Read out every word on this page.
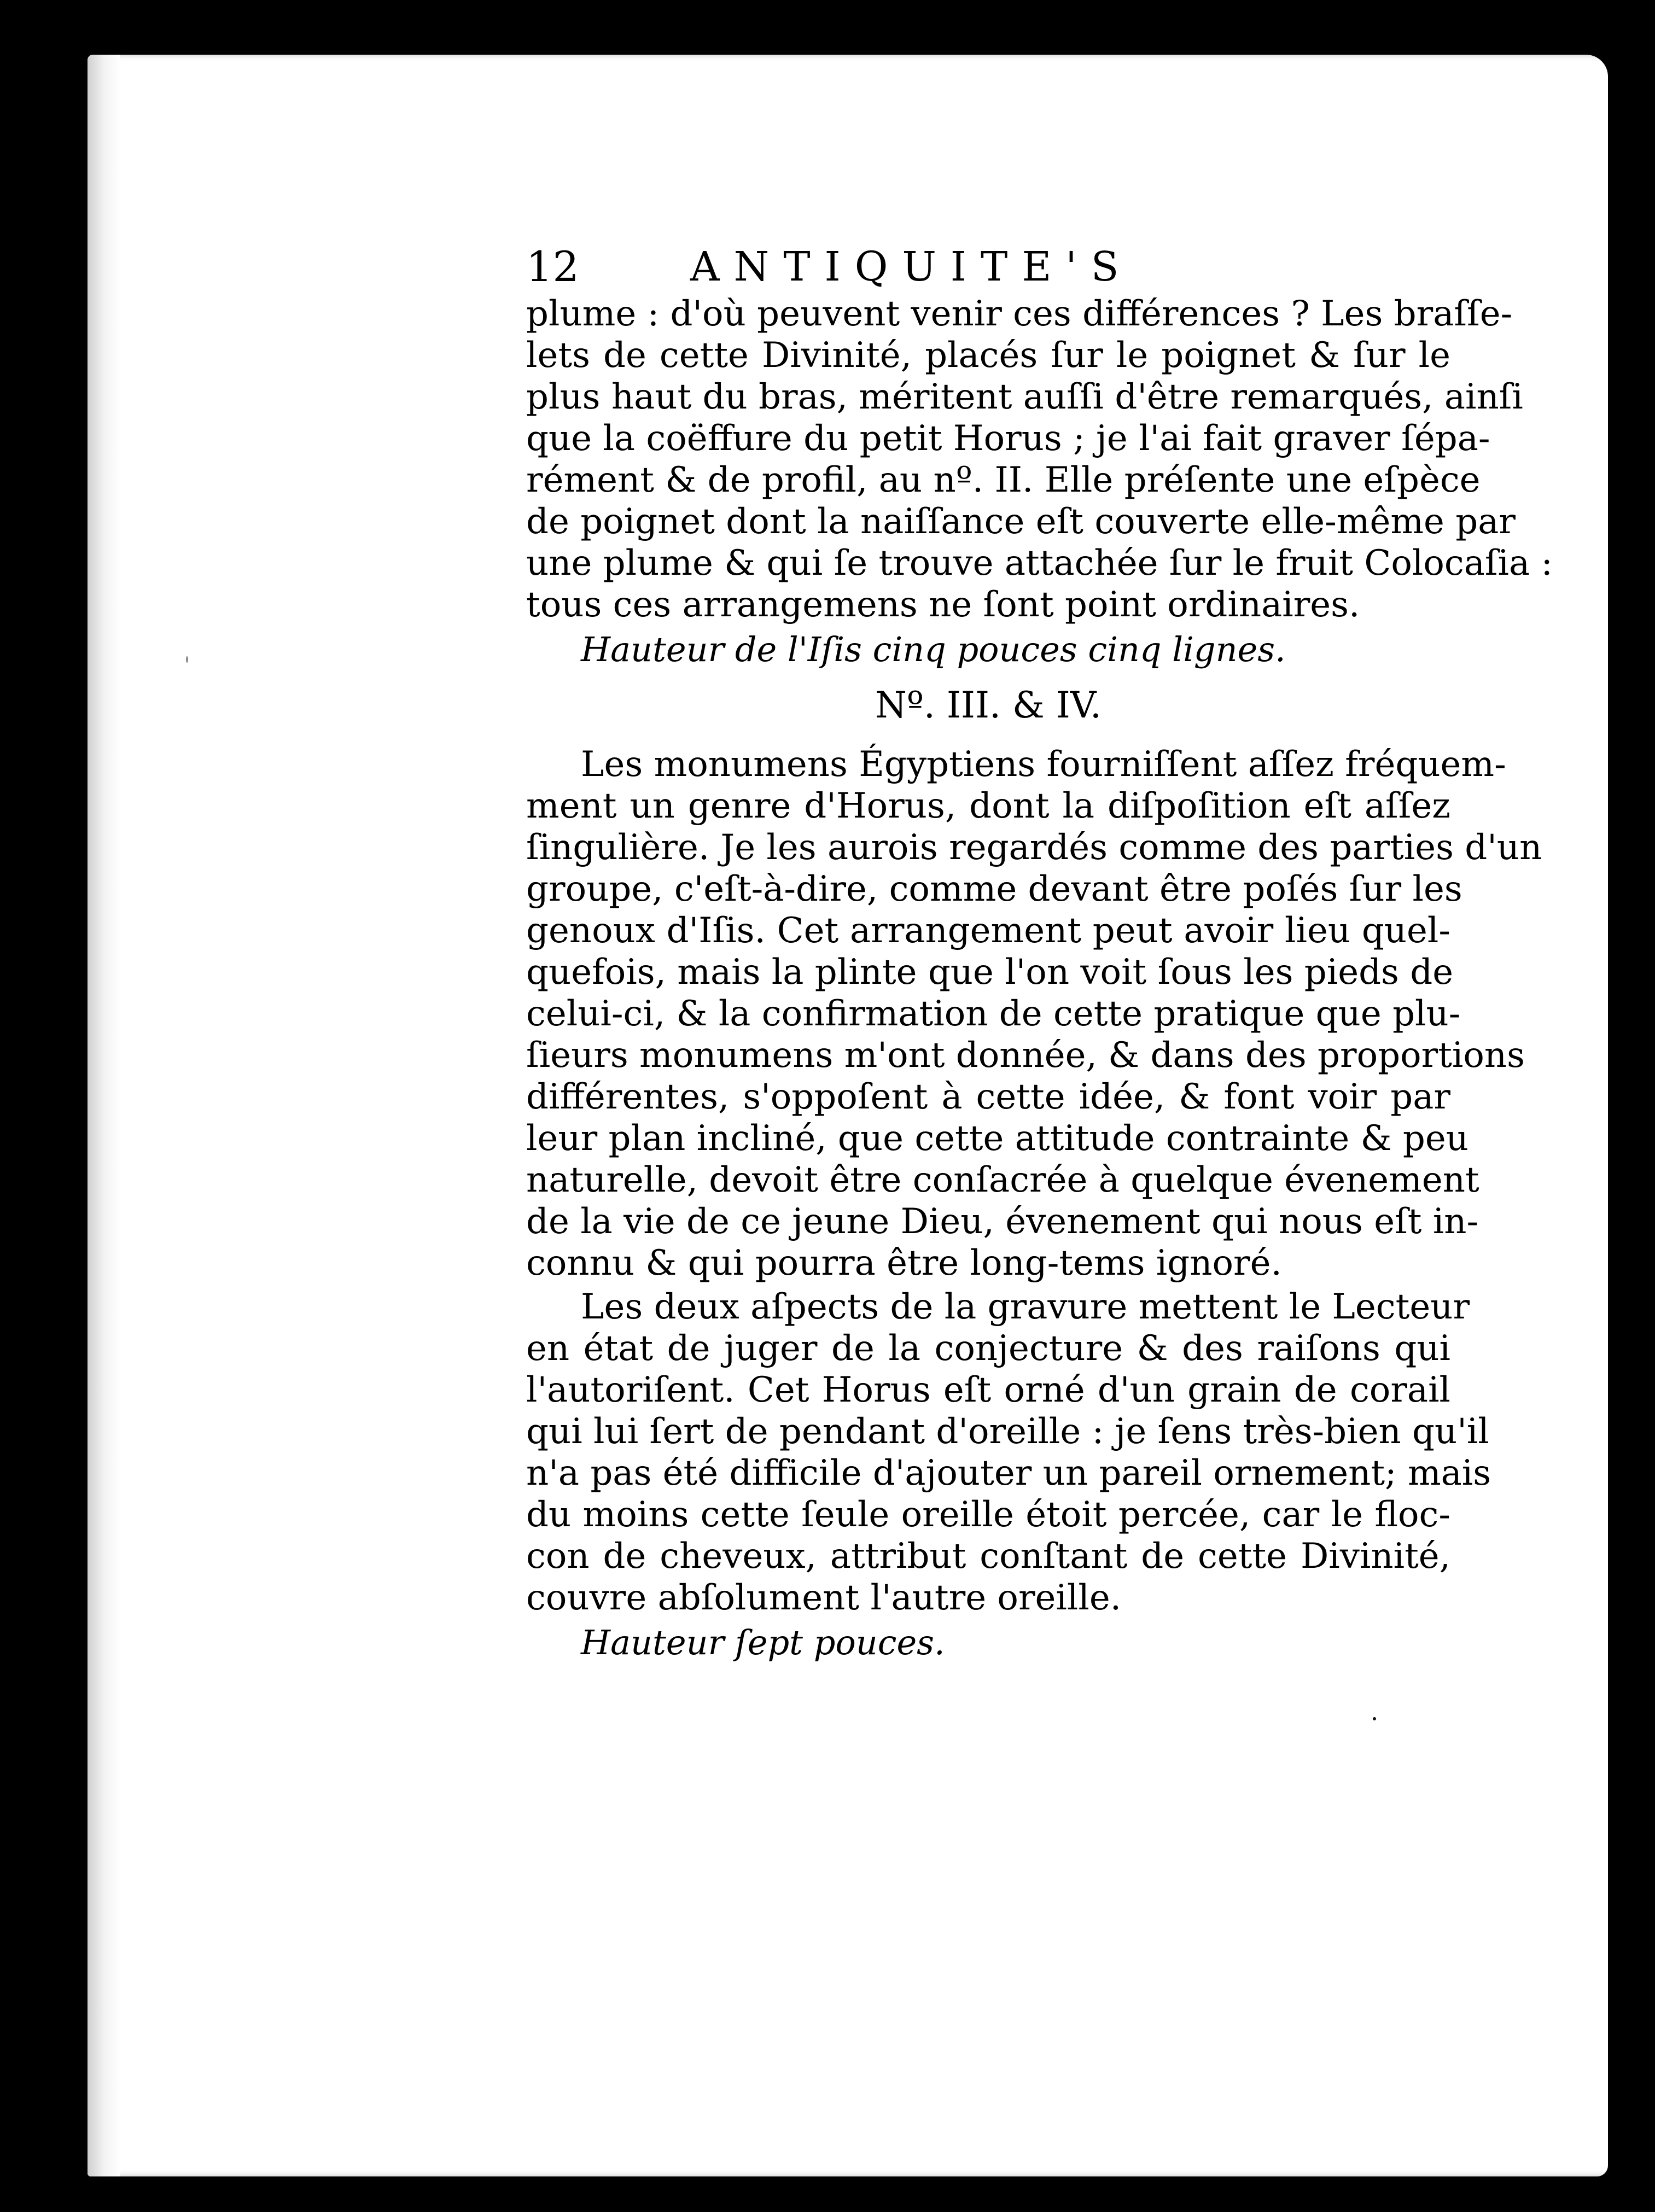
12	ANTIQUITE'S
plume : d'où peuvent venir ces différences ? Les braſſe-
lets de cette Divinité, placés ſur le poignet & ſur le
plus haut du bras, méritent auſſi d'être remarqués, ainſi
que la coëffure du petit Horus ; je l'ai fait graver ſépa-
rément & de profil, au nº. II. Elle préſente une eſpèce
de poignet dont la naiſſance eſt couverte elle-même par
une plume & qui ſe trouve attachée ſur le fruit Colocaſia :
tous ces arrangemens ne ſont point ordinaires.
Hauteur de l'Iſis cinq pouces cinq lignes.
Nº. III. & IV.
Les monumens Égyptiens fourniſſent aſſez fréquem-
ment un genre d'Horus, dont la diſpoſition eſt aſſez
ſingulière. Je les aurois regardés comme des parties d'un
groupe, c'eſt-à-dire, comme devant être poſés ſur les
genoux d'Iſis. Cet arrangement peut avoir lieu quel-
quefois, mais la plinte que l'on voit ſous les pieds de
celui-ci, & la confirmation de cette pratique que plu-
ſieurs monumens m'ont donnée, & dans des proportions
différentes, s'oppoſent à cette idée, & font voir par
leur plan incliné, que cette attitude contrainte & peu
naturelle, devoit être conſacrée à quelque évenement
de la vie de ce jeune Dieu, évenement qui nous eſt in-
connu & qui pourra être long-tems ignoré.
Les deux aſpects de la gravure mettent le Lecteur
en état de juger de la conjecture & des raiſons qui
l'autoriſent. Cet Horus eſt orné d'un grain de corail
qui lui ſert de pendant d'oreille : je ſens très-bien qu'il
n'a pas été difficile d'ajouter un pareil ornement; mais
du moins cette ſeule oreille étoit percée, car le floc-
con de cheveux, attribut conſtant de cette Divinité,
couvre abſolument l'autre oreille.
Hauteur ſept pouces.
